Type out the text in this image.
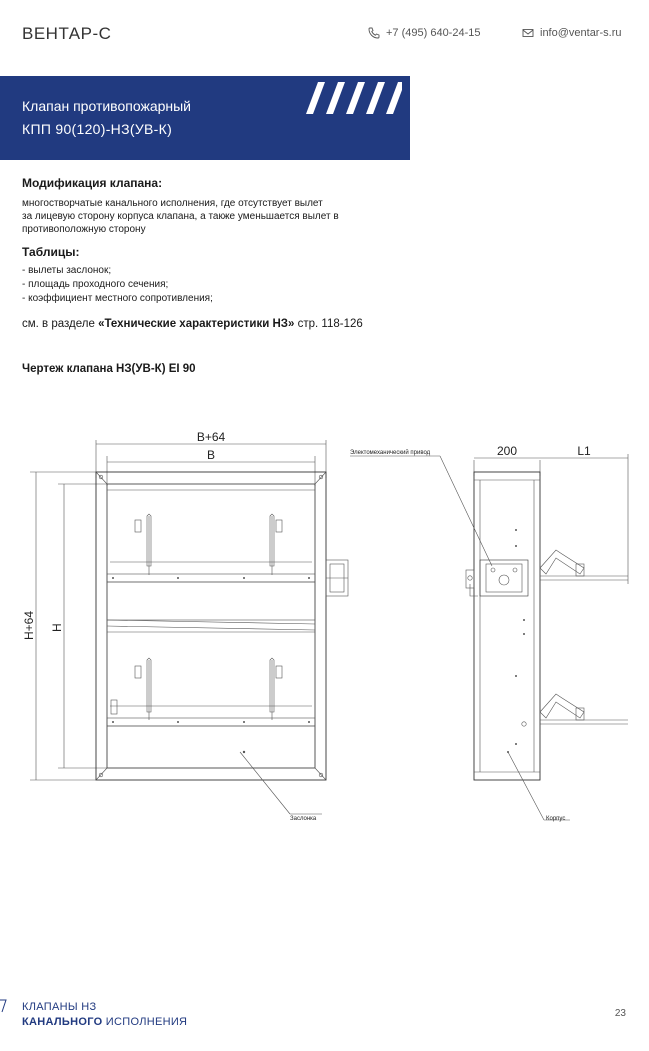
ВЕНТАР-С	+7 (495) 640-24-15	info@ventar-s.ru
Клапан противопожарный
КПП 90(120)-НЗ(УВ-К)
Модификация клапана:
многостворчатые канального исполнения, где отсутствует вылет
за лицевую сторону корпуса клапана, а также уменьшается вылет в
противоположную сторону
Таблицы:
- вылеты заслонок;
- площадь проходного сечения;
- коэффициент местного сопротивления;
см. в разделе «Технические характеристики НЗ» стр. 118-126
Чертеж клапана НЗ(УВ-К) EI 90
B+64
B
H+64 H
Электомеханический привод	200	L1
Заслонка	Корпус
КЛАПАНЫ НЗ
КАНАЛЬНОГО ИСПОЛНЕНИЯ
23
